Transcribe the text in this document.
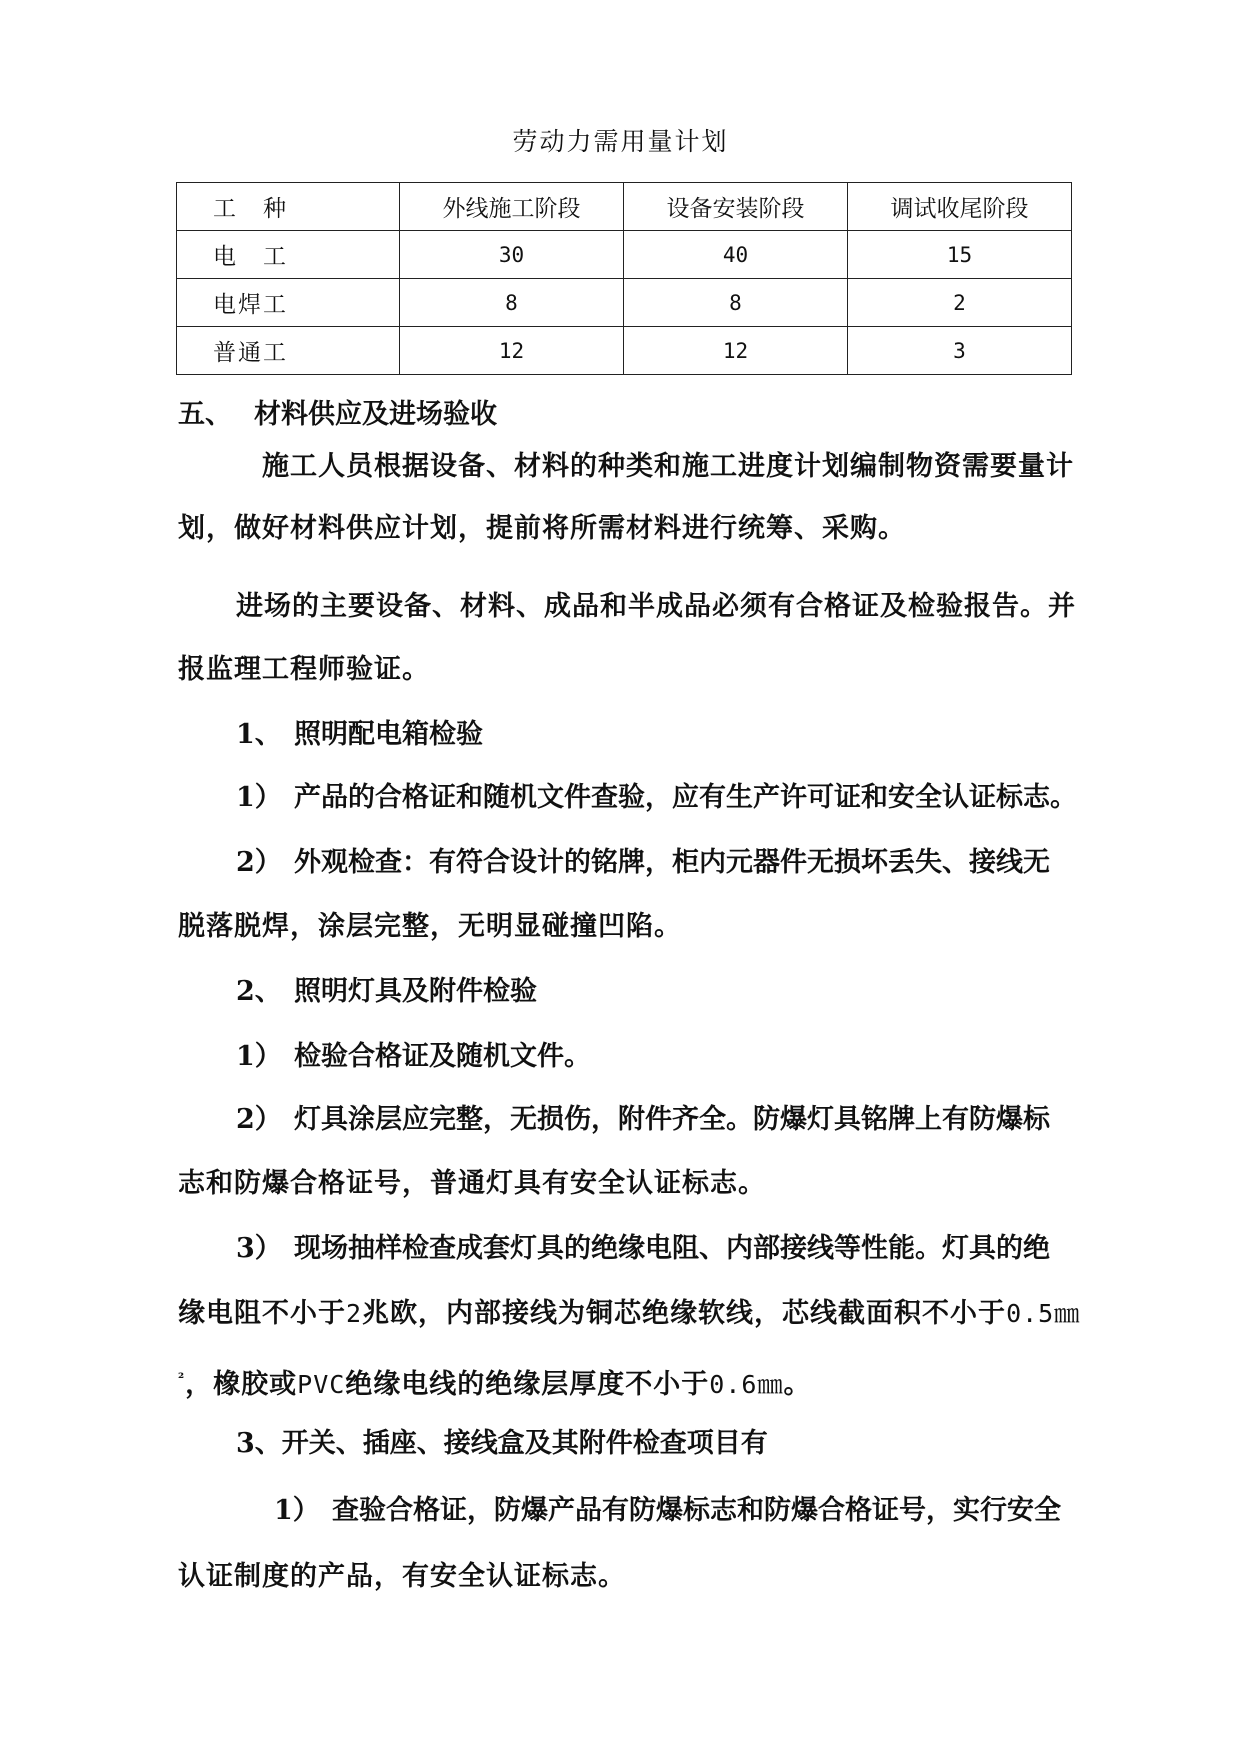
劳动力需用量计划
工　种	外线施工阶段	设备安装阶段	调试收尾阶段
电　工	30	40	15
电焊工	8	8	2
普通工	12	12	3
五、 材料供应及进场验收
施工人员根据设备、材料的种类和施工进度计划编制物资需要量计
划，做好材料供应计划，提前将所需材料进行统筹、采购。
进场的主要设备、材料、成品和半成品必须有合格证及检验报告。并
报监理工程师验证。
1、 照明配电箱检验
1） 产品的合格证和随机文件查验，应有生产许可证和安全认证标志。
2） 外观检查：有符合设计的铭牌，柜内元器件无损坏丢失、接线无
脱落脱焊，涂层完整，无明显碰撞凹陷。
2、 照明灯具及附件检验
1） 检验合格证及随机文件。
2） 灯具涂层应完整，无损伤，附件齐全。防爆灯具铭牌上有防爆标
志和防爆合格证号，普通灯具有安全认证标志。
3） 现场抽样检查成套灯具的绝缘电阻、内部接线等性能。灯具的绝
缘电阻不小于2兆欧，内部接线为铜芯绝缘软线，芯线截面积不小于0.5㎜
$^{^2}$，橡胶或PVC绝缘电线的绝缘层厚度不小于0.6㎜。
3、开关、插座、接线盒及其附件检查项目有
1） 查验合格证，防爆产品有防爆标志和防爆合格证号，实行安全
认证制度的产品，有安全认证标志。
